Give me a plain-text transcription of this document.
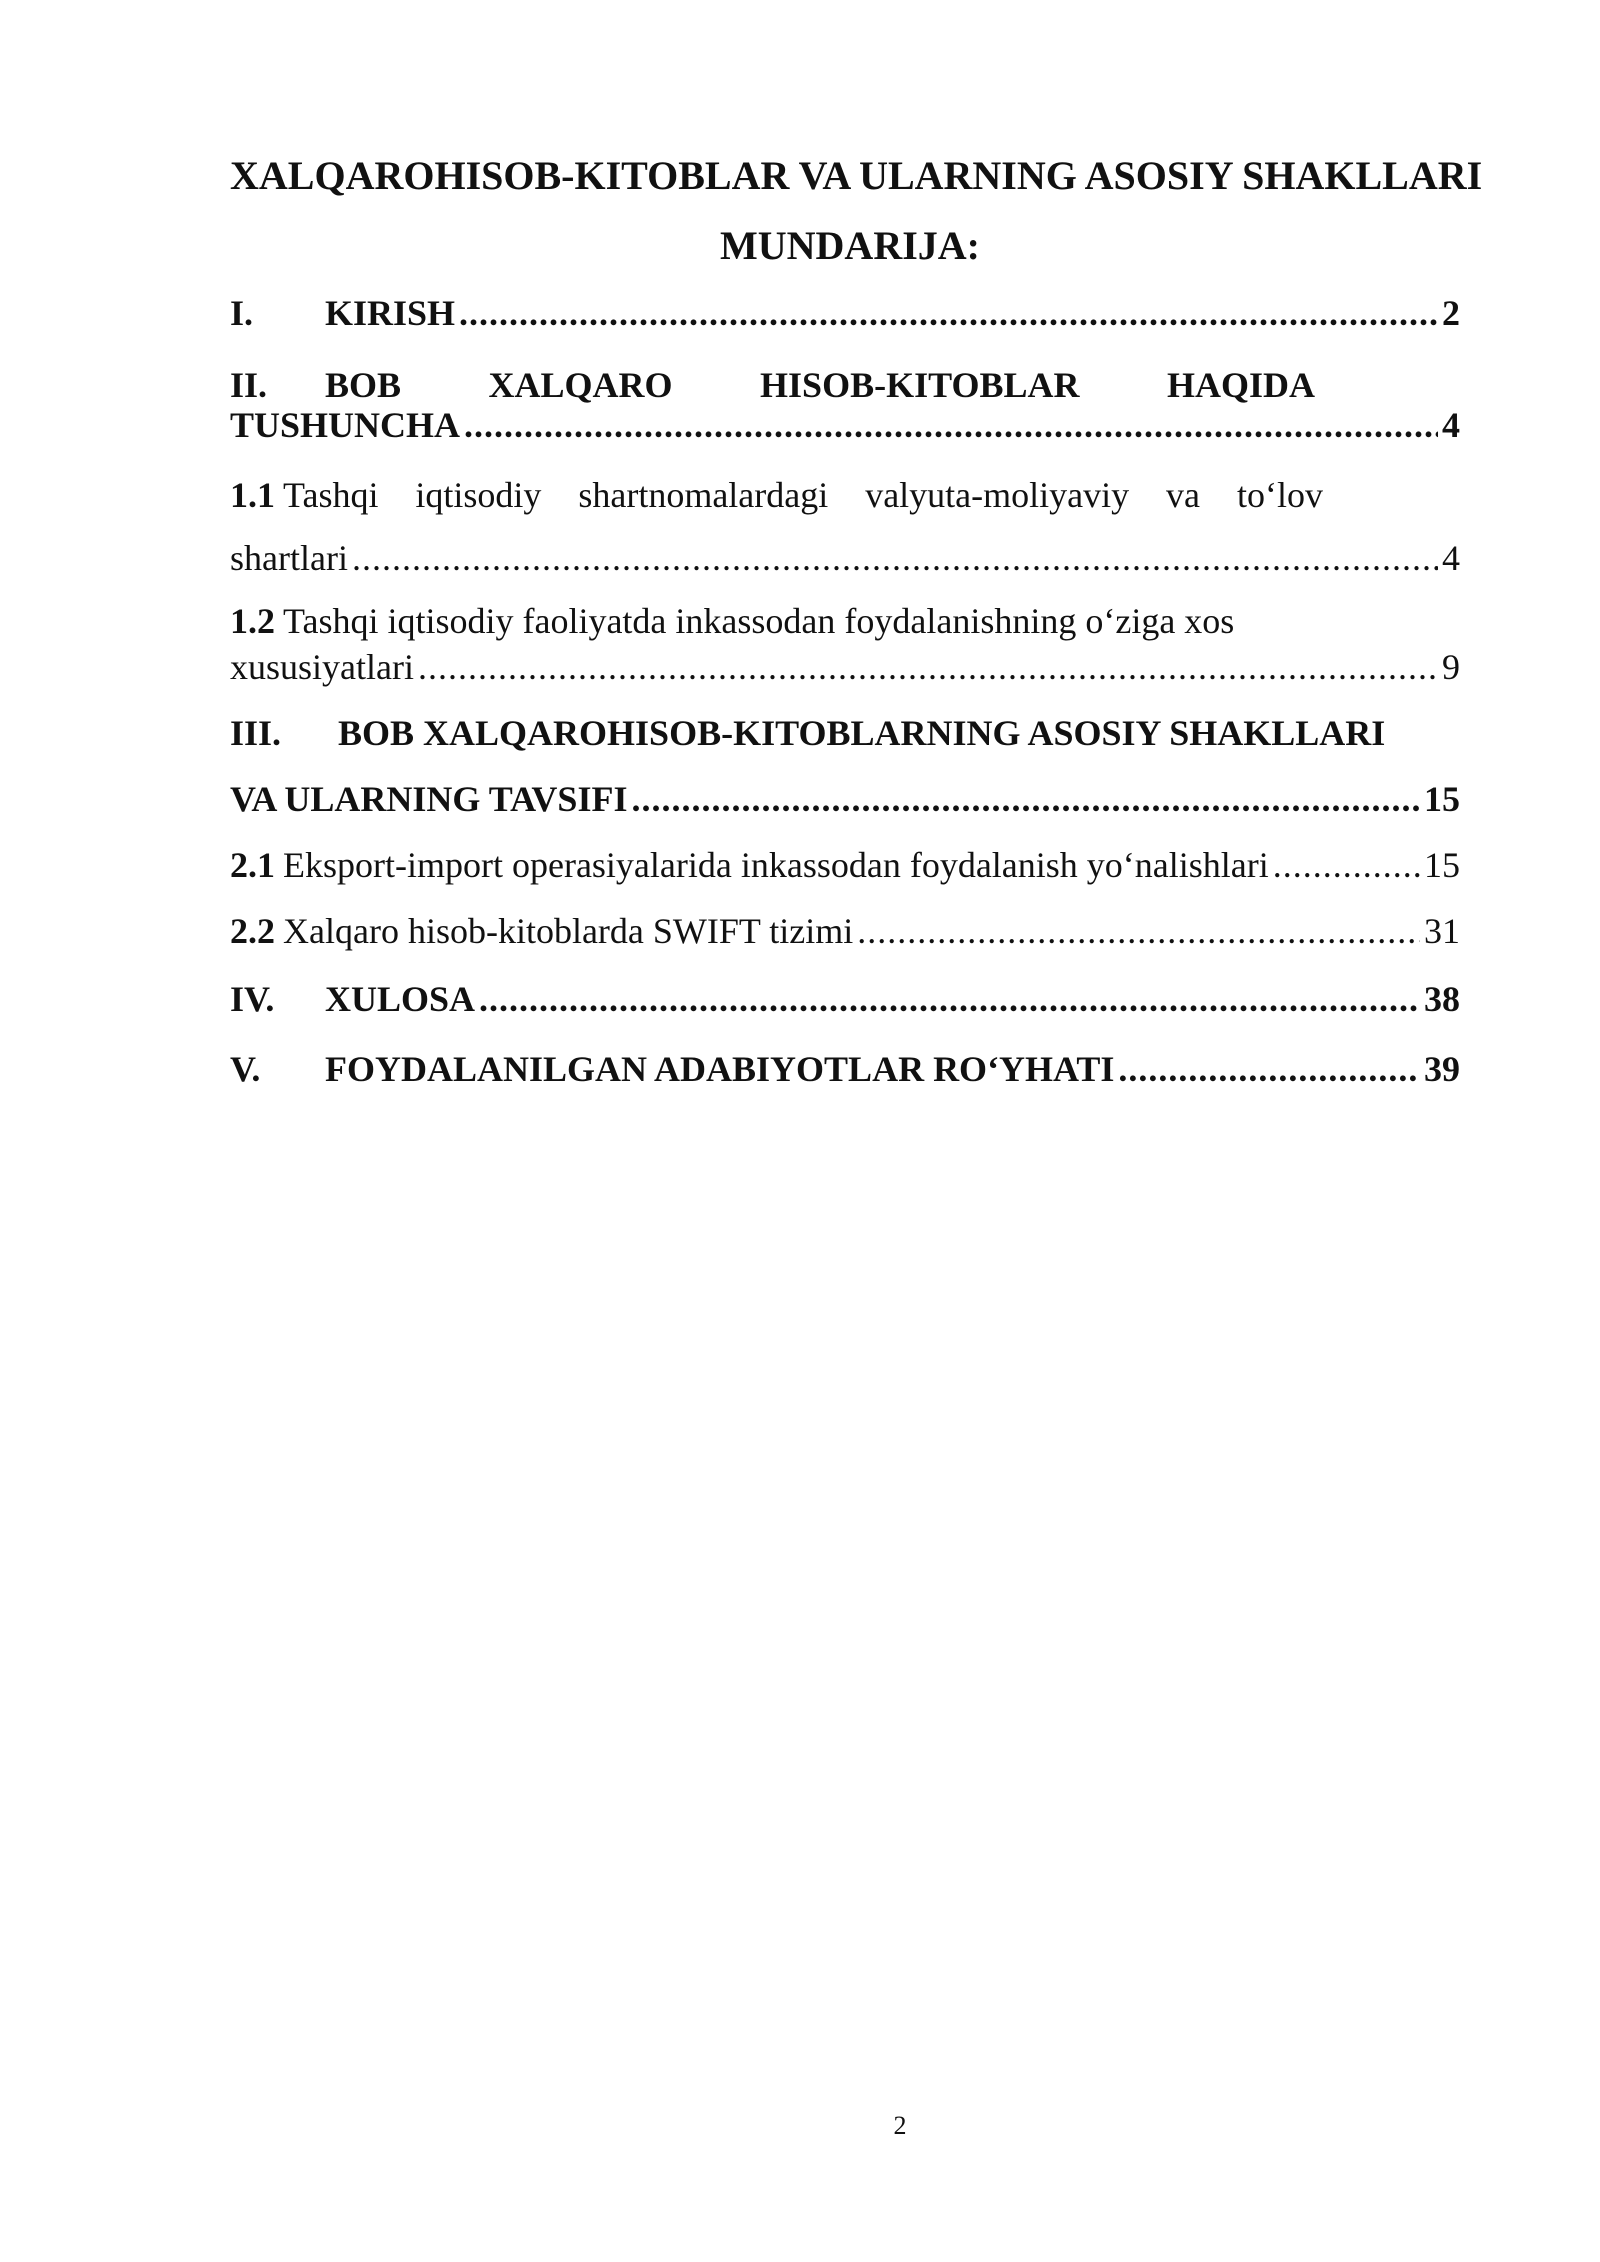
XALQAROHISOB-KITOBLAR VA ULARNING ASOSIY SHAKLLARI
MUNDARIJA:
I.	KIRISH .....	2
II.	BOB XALQARO HISOB-KITOBLAR HAQIDA
TUSHUNCHA .....	4
1.1 Tashqi iqtisodiy shartnomalardagi valyuta-moliyaviy va to‘lov
shartlari .....	4
1.2 Tashqi iqtisodiy faoliyatda inkassodan foydalanishning o‘ziga xos
xususiyatlari .....	9
III.	BOB XALQAROHISOB-KITOBLARNING ASOSIY SHAKLLARI
VA ULARNING TAVSIFI .....	15
2.1 Eksport-import operasiyalarida inkassodan foydalanish yo‘nalishlari .....	15
2.2 Xalqaro hisob-kitoblarda SWIFT tizimi .....	31
IV.	XULOSA .....	38
V.	FOYDALANILGAN ADABIYOTLAR RO‘YHATI .....	39
2
